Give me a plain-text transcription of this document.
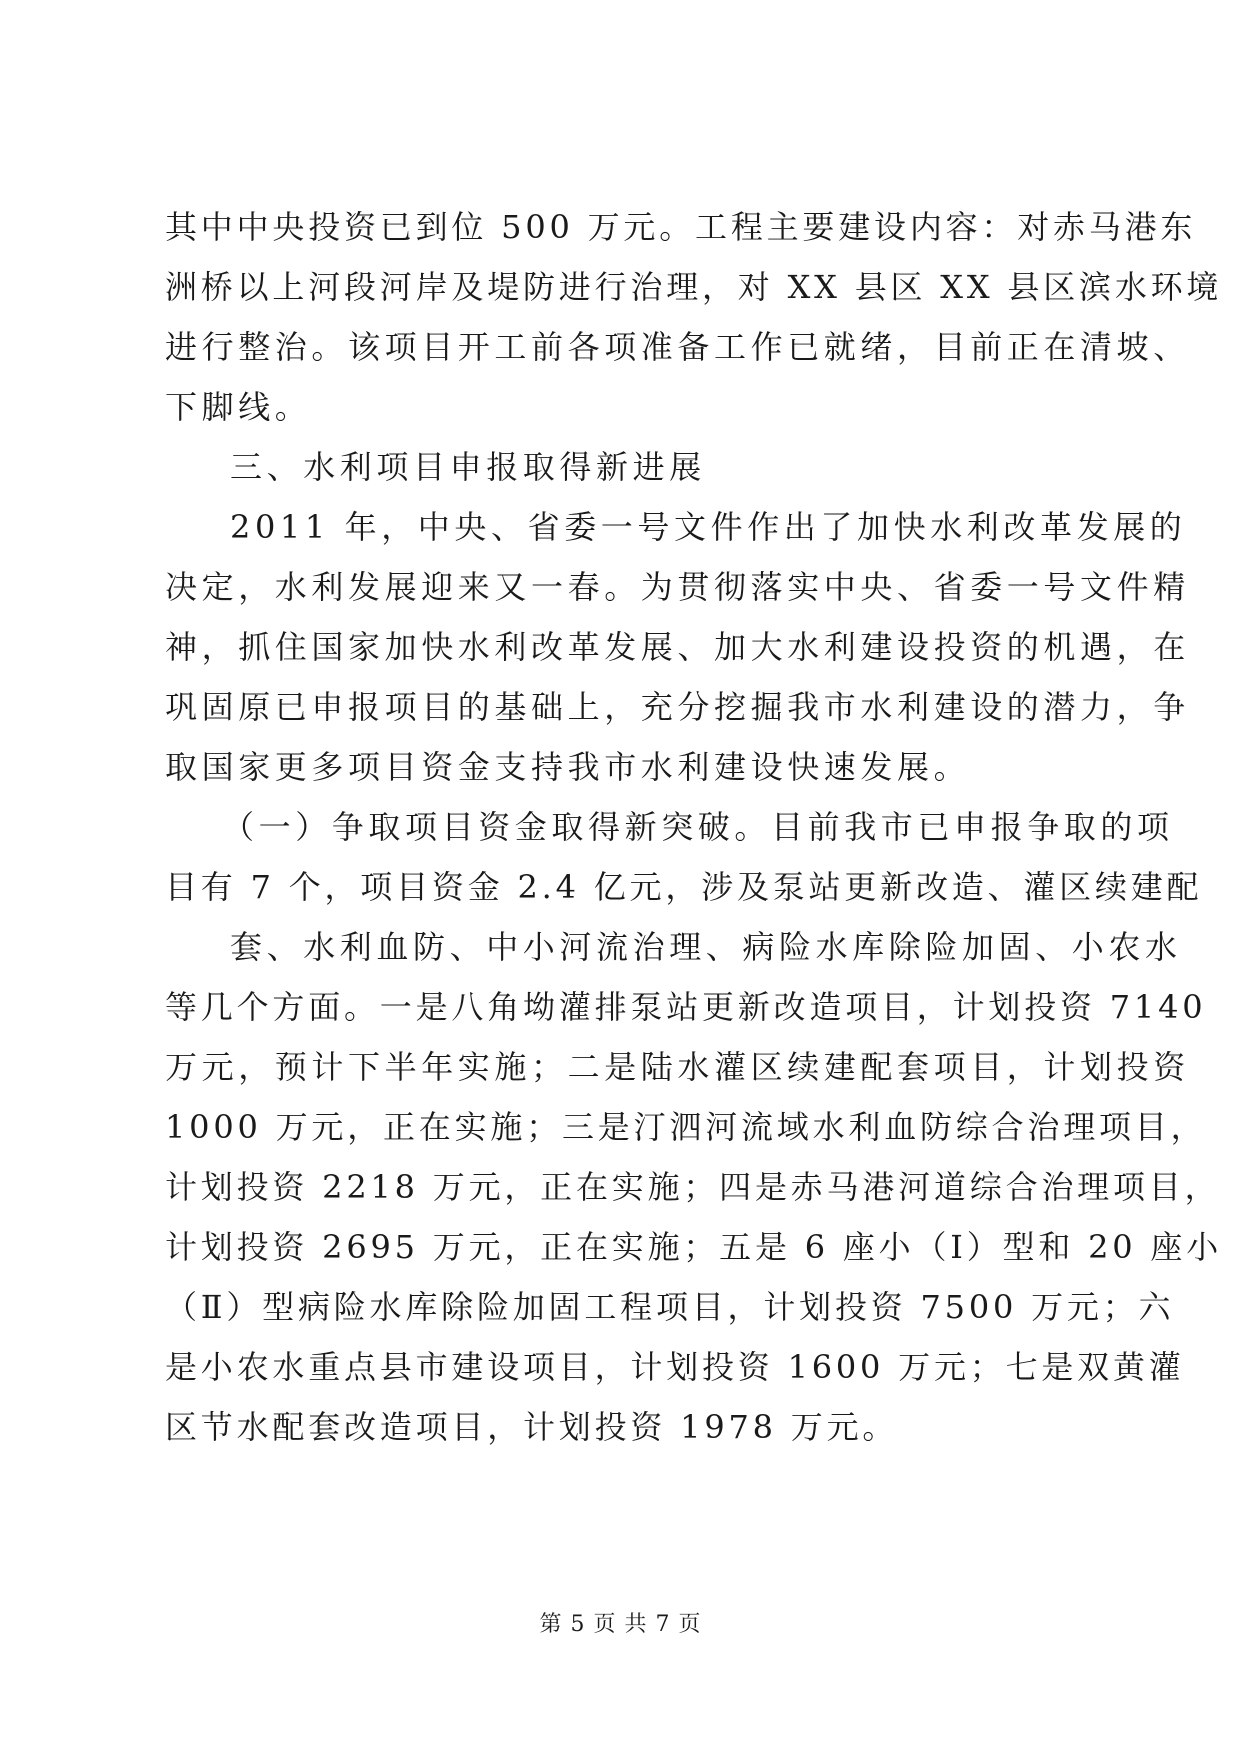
其中中央投资已到位 500 万元。工程主要建设内容：对赤马港东
洲桥以上河段河岸及堤防进行治理，对 XX 县区 XX 县区滨水环境
进行整治。该项目开工前各项准备工作已就绪，目前正在清坡、
下脚线。
三、水利项目申报取得新进展
2011 年，中央、省委一号文件作出了加快水利改革发展的
决定，水利发展迎来又一春。为贯彻落实中央、省委一号文件精
神，抓住国家加快水利改革发展、加大水利建设投资的机遇，在
巩固原已申报项目的基础上，充分挖掘我市水利建设的潜力，争
取国家更多项目资金支持我市水利建设快速发展。
（一）争取项目资金取得新突破。目前我市已申报争取的项
目有 7 个，项目资金 2.4 亿元，涉及泵站更新改造、灌区续建配
套、水利血防、中小河流治理、病险水库除险加固、小农水
等几个方面。一是八角坳灌排泵站更新改造项目，计划投资 7140
万元，预计下半年实施；二是陆水灌区续建配套项目，计划投资
1000 万元，正在实施；三是汀泗河流域水利血防综合治理项目，
计划投资 2218 万元，正在实施；四是赤马港河道综合治理项目，
计划投资 2695 万元，正在实施；五是 6 座小（Ⅰ）型和 20 座小
（Ⅱ）型病险水库除险加固工程项目，计划投资 7500 万元；六
是小农水重点县市建设项目，计划投资 1600 万元；七是双黄灌
区节水配套改造项目，计划投资 1978 万元。
第 5 页 共 7 页
